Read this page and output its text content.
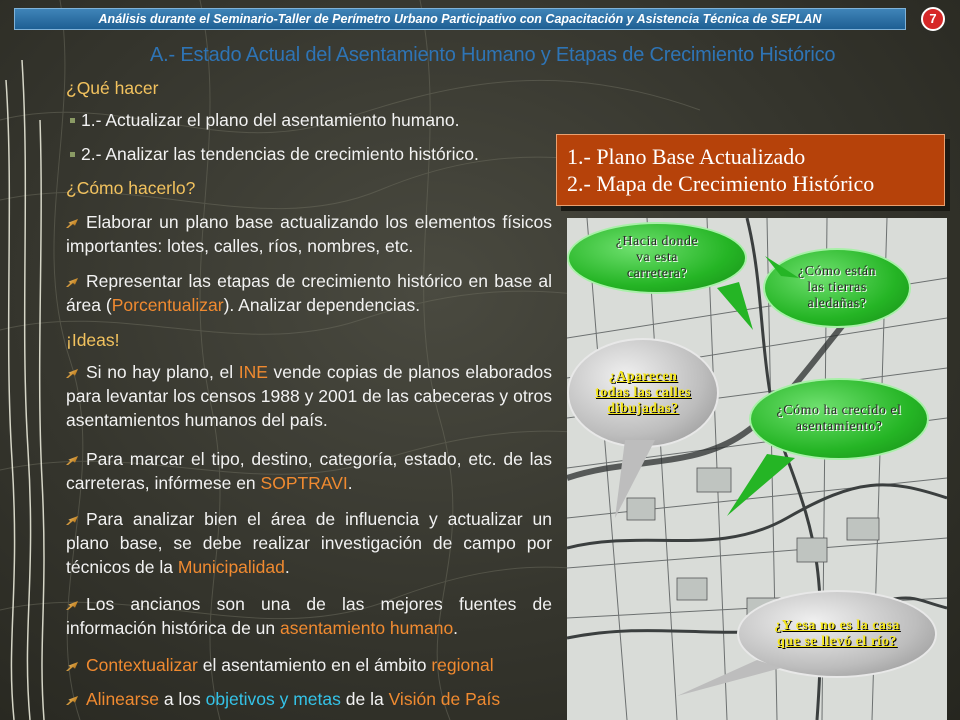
Análisis durante el Seminario-Taller de Perímetro Urbano Participativo con Capacitación y Asistencia Técnica de SEPLAN	7
A.- Estado Actual del Asentamiento Humano y Etapas de Crecimiento Histórico
¿Qué hacer
1.- Actualizar el plano del asentamiento humano.
2.- Analizar las tendencias de crecimiento histórico.
¿Cómo hacerlo?
Elaborar un plano base actualizando los elementos físicos importantes: lotes, calles, ríos, nombres, etc.
Representar las etapas de crecimiento histórico en base al área (Porcentualizar). Analizar dependencias.
¡Ideas!
Si no hay plano, el INE vende copias de planos elaborados para levantar los censos 1988 y 2001 de las cabeceras y otros asentamientos humanos del país.
Para marcar el tipo, destino, categoría, estado, etc. de las carreteras, infórmese en SOPTRAVI.
Para analizar bien el área de influencia y actualizar un plano base, se debe realizar investigación de campo por técnicos de la Municipalidad.
Los ancianos son una de las mejores fuentes de información histórica de un asentamiento humano.
Contextualizar el asentamiento en el ámbito regional
Alinearse a los objetivos y metas de la Visión de País
1.- Plano Base Actualizado
2.- Mapa de Crecimiento Histórico
¿Hacia donde va esta carretera?	¿Cómo están las tierras aledañas?
¿Aparecen todas las calles dibujadas?	¿Cómo ha crecido el asentamiento?
¿Y esa no es la casa que se llevó el río?
